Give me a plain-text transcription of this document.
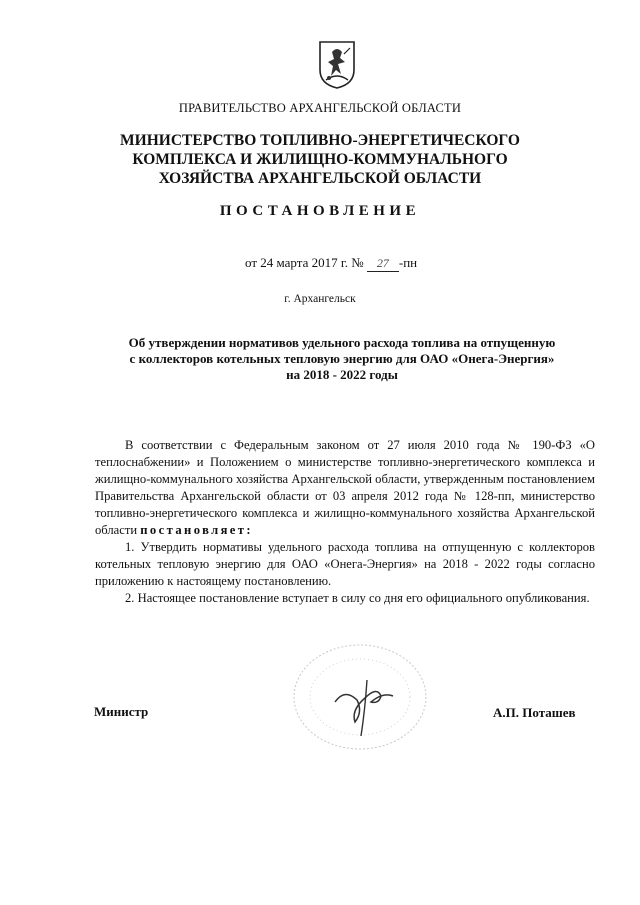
ПРАВИТЕЛЬСТВО АРХАНГЕЛЬСКОЙ ОБЛАСТИ
МИНИСТЕРСТВО ТОПЛИВНО-ЭНЕРГЕТИЧЕСКОГО
КОМПЛЕКСА И ЖИЛИЩНО-КОММУНАЛЬНОГО
ХОЗЯЙСТВА АРХАНГЕЛЬСКОЙ ОБЛАСТИ
ПОСТАНОВЛЕНИЕ
от 24 марта 2017 г. № 27 -пн
г. Архангельск
Об утверждении нормативов удельного расхода топлива на отпущенную
с коллекторов котельных тепловую энергию для ОАО «Онега-Энергия»
на 2018 - 2022 годы

В соответствии с Федеральным законом от 27 июля 2010 года № 190-ФЗ «О теплоснабжении» и Положением о министерстве топливно-энергетического комплекса и жилищно-коммунального хозяйства Архангельской области, утвержденным постановлением Правительства Архангельской области от 03 апреля 2012 года № 128-пп, министерство топливно-энергетического комплекса и жилищно-коммунального хозяйства Архангельской области постановляет:

1. Утвердить нормативы удельного расхода топлива на отпущенную с коллекторов котельных тепловую энергию для ОАО «Онега-Энергия» на 2018 - 2022 годы согласно приложению к настоящему постановлению.

2. Настоящее постановление вступает в силу со дня его официального опубликования.

Министр	А.П. Поташев
